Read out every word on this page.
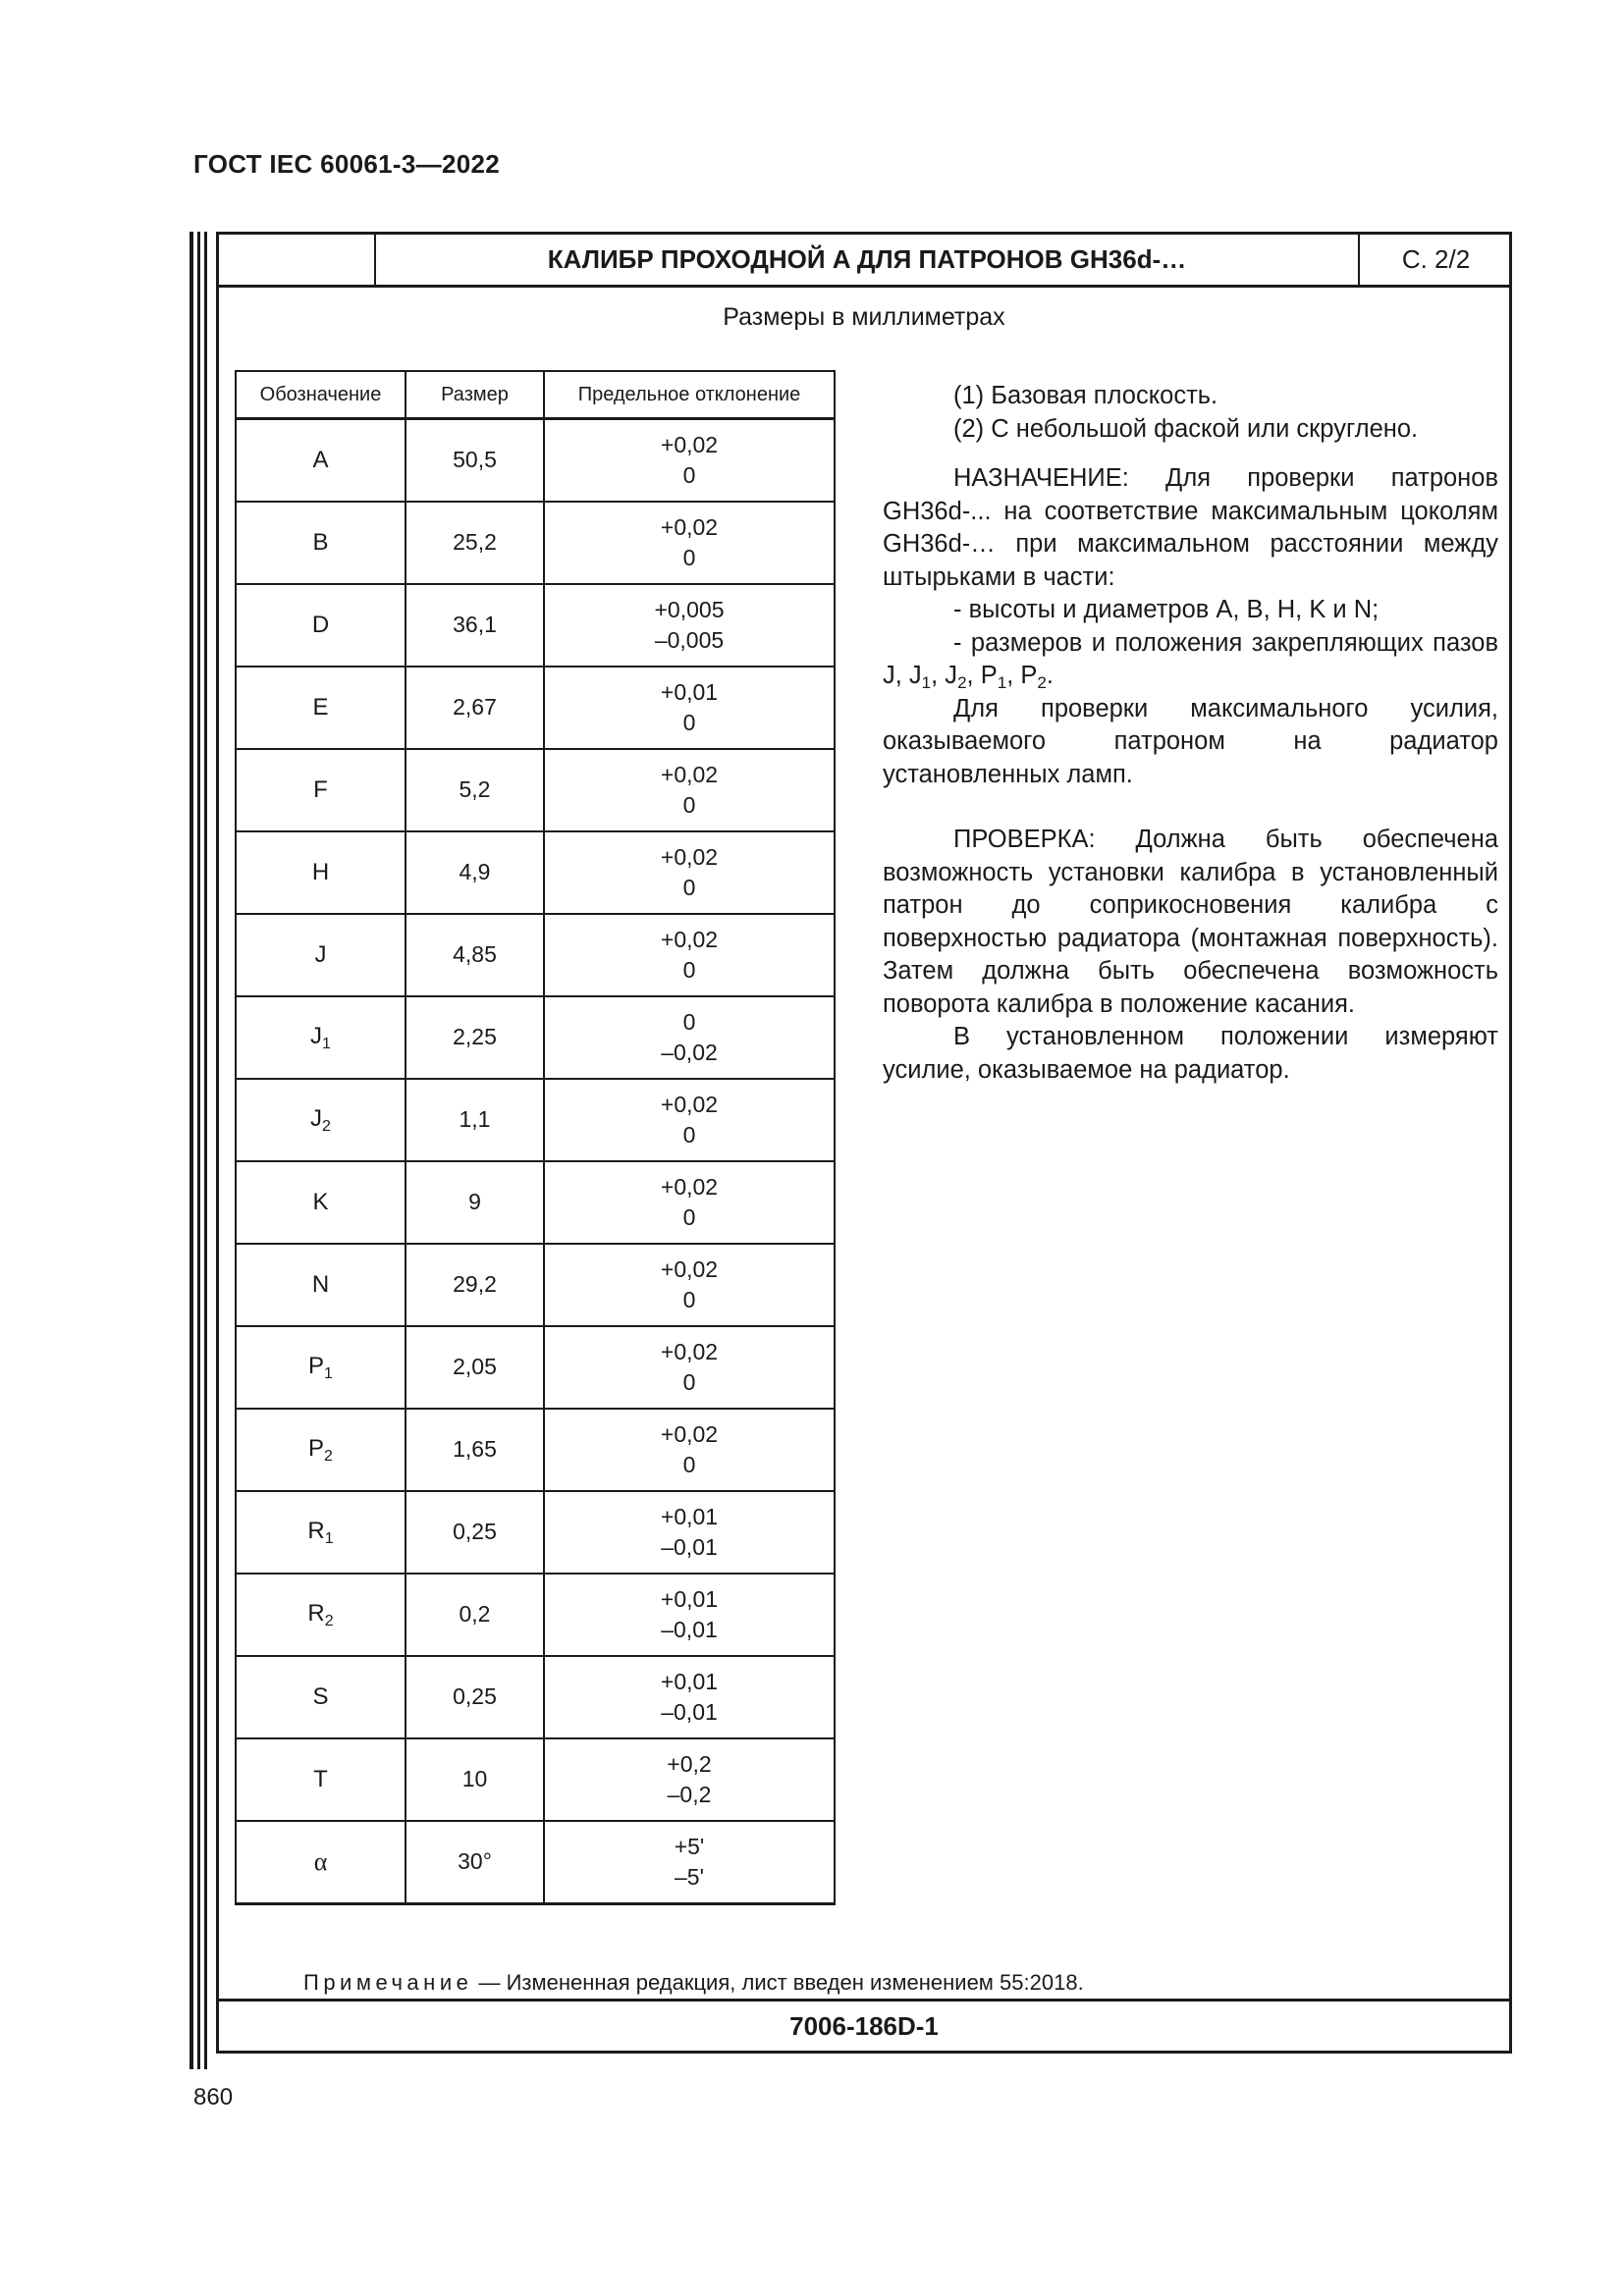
ГОСТ IEC 60061-3—2022
КАЛИБР ПРОХОДНОЙ A ДЛЯ ПАТРОНОВ GH36d-…	С. 2/2
Размеры в миллиметрах
Обозначение	Размер	Предельное отклонение
A	50,5	+0,02
0

B	25,2	+0,02
0

D	36,1	+0,005
–0,005

E	2,67	+0,01
0

F	5,2	+0,02
0

H	4,9	+0,02
0

J	4,85	+0,02
0

$J_1$	2,25	0
–0,02

$J_2$	1,1	+0,02
0

K	9	+0,02
0

N	29,2	+0,02
0

$P_1$	2,05	+0,02
0

$P_2$	1,65	+0,02
0

$R_1$	0,25	+0,01
–0,01

$R_2$	0,2	+0,01
–0,01

S	0,25	+0,01
–0,01

T	10	+0,2
–0,2

α	30°	+5'
–5'

(1) Базовая плоскость.

(2) С небольшой фаской или скруглено.

НАЗНАЧЕНИЕ: Для проверки патронов GH36d-... на соответствие максимальным цоколям GH36d-… при максимальном расстоянии между штырьками в части:

- высоты и диаметров A, B, H, K и N;

- размеров и положения закрепляющих пазов J, $J_1$, $J_2$, $P_1$, $P_2$.

Для проверки максимального усилия, оказываемого патроном на радиатор установленных ламп.

ПРОВЕРКА: Должна быть обеспечена возможность установки калибра в установленный патрон до соприкосновения калибра с поверхностью радиатора (монтажная поверхность). Затем должна быть обеспечена возможность поворота калибра в положение касания.

В установленном положении измеряют усилие, оказываемое на радиатор.

Примечание — Измененная редакция, лист введен изменением 55:2018.
7006-186D-1
860
